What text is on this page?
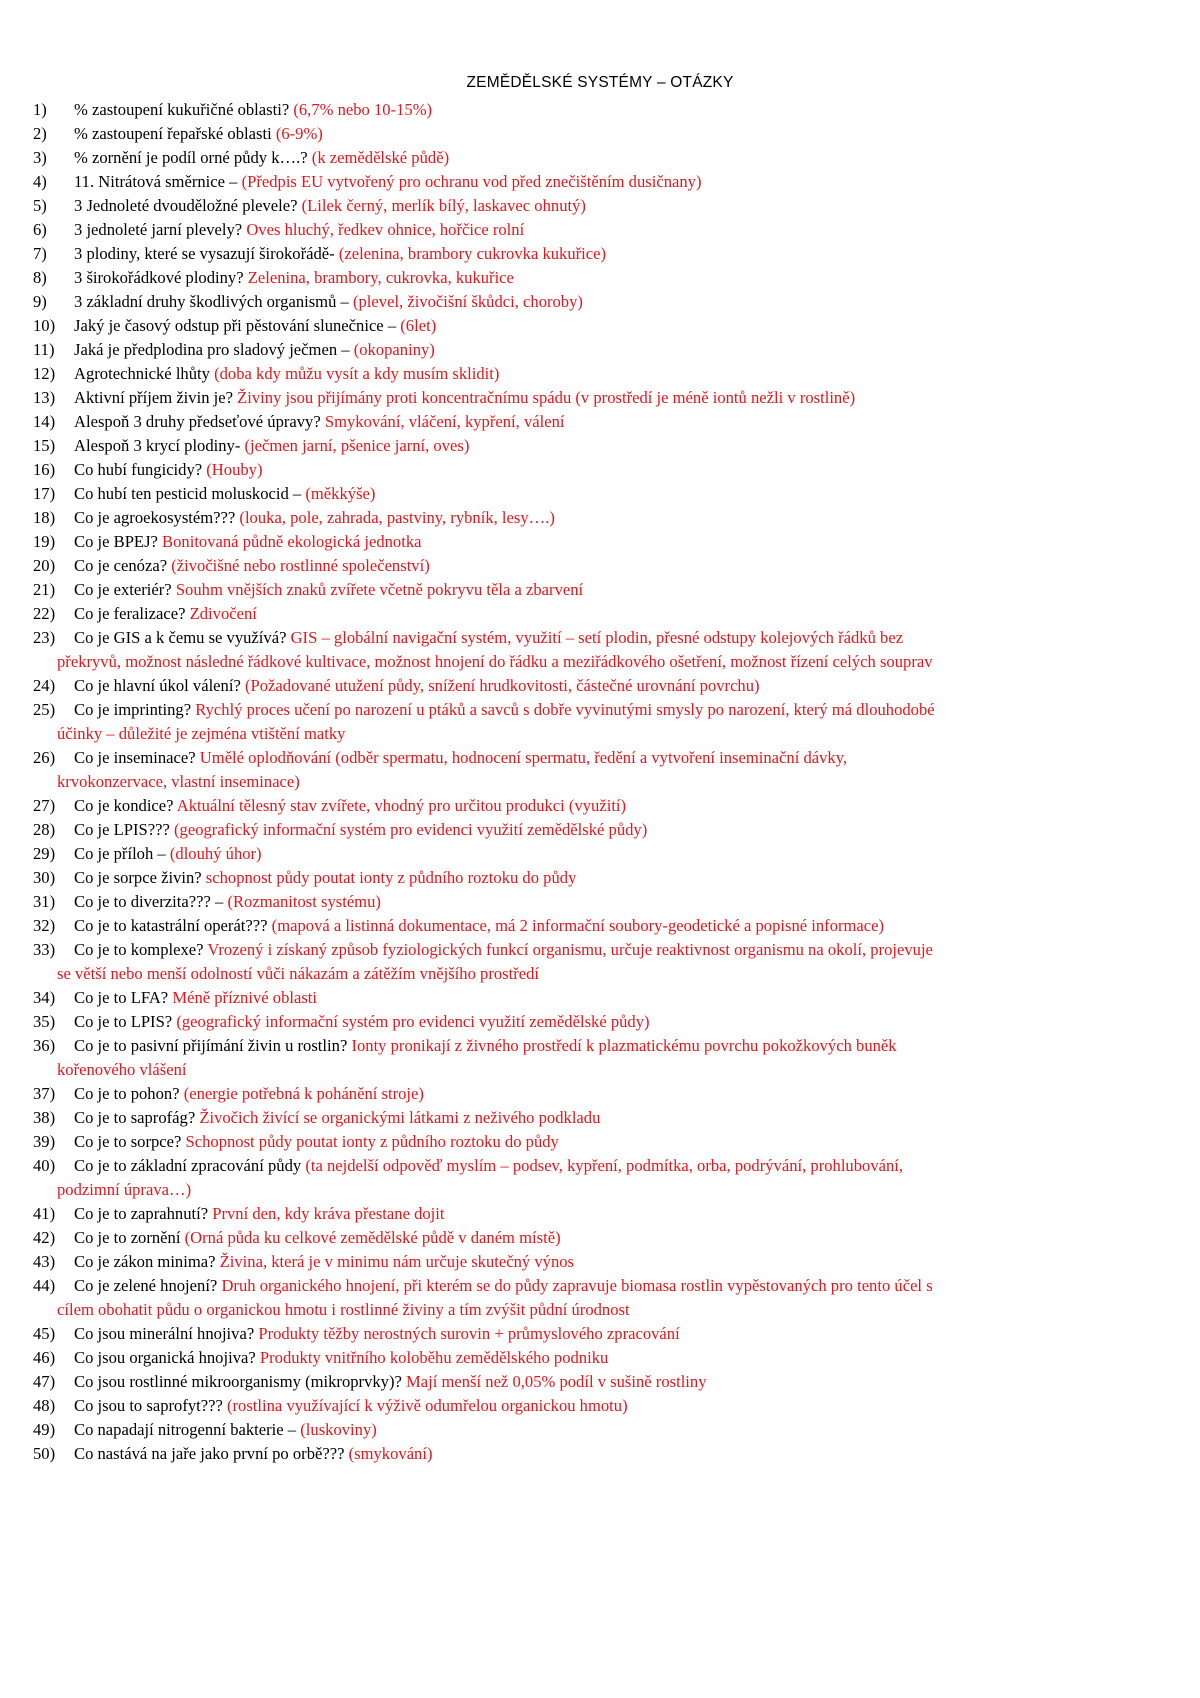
ZEMĚDĚLSKÉ SYSTÉMY – OTÁZKY
1)	% zastoupení kukuřičné oblasti? (6,7% nebo 10-15%)
2)	% zastoupení řepařské oblasti (6-9%)
3)	% zornění je podíl orné půdy k….? (k zemědělské půdě)
4)	11. Nitrátová směrnice – (Předpis EU vytvořený pro ochranu vod před znečištěním dusičnany)
5)	3 Jednoleté dvouděložné plevele? (Lilek černý, merlík bílý, laskavec ohnutý)
6)	3 jednoleté jarní plevely? Oves hluchý, ředkev ohnice, hořčice rolní
7)	3 plodiny, které se vysazují širokořádě- (zelenina, brambory cukrovka kukuřice)
8)	3 širokořádkové plodiny? Zelenina, brambory, cukrovka, kukuřice
9)	3 základní druhy škodlivých organismů – (plevel, živočišní škůdci, choroby)
10)	Jaký je časový odstup při pěstování slunečnice – (6let)
11)	Jaká je předplodina pro sladový ječmen – (okopaniny)
12)	Agrotechnické lhůty (doba kdy můžu vysít a kdy musím sklidit)
13)	Aktivní příjem živin je? Živiny jsou přijímány proti koncentračnímu spádu (v prostředí je méně iontů nežli v rostlině)
14)	Alespoň 3 druhy předseťové úpravy? Smykování, vláčení, kypření, válení
15)	Alespoň 3 krycí plodiny- (ječmen jarní, pšenice jarní, oves)
16)	Co hubí fungicidy? (Houby)
17)	Co hubí ten pesticid moluskocid – (měkkýše)
18)	Co je agroekosystém??? (louka, pole, zahrada, pastviny, rybník, lesy….)
19)	Co je BPEJ? Bonitovaná půdně ekologická jednotka
20)	Co je cenóza? (živočišné nebo rostlinné společenství)
21)	Co je exteriér? Souhm vnějších znaků zvířete včetně pokryvu těla a zbarvení
22)	Co je feralizace? Zdivočení
23)	Co je GIS a k čemu se využívá? GIS – globální navigační systém, využití – setí plodin, přesné odstupy kolejových řádků bez
překryvů, možnost následné řádkové kultivace, možnost hnojení do řádku a meziřádkového ošetření, možnost řízení celých souprav
24)	Co je hlavní úkol válení? (Požadované utužení půdy, snížení hrudkovitosti, částečné urovnání povrchu)
25)	Co je imprinting? Rychlý proces učení po narození u ptáků a savců s dobře vyvinutými smysly po narození, který má dlouhodobé
účinky – důležité je zejména vtištění matky
26)	Co je inseminace? Umělé oplodňování (odběr spermatu, hodnocení spermatu, ředění a vytvoření inseminační dávky,
krvokonzervace, vlastní inseminace)
27)	Co je kondice? Aktuální tělesný stav zvířete, vhodný pro určitou produkci (využití)
28)	Co je LPIS??? (geografický informační systém pro evidenci využití zemědělské půdy)
29)	Co je příloh – (dlouhý úhor)
30)	Co je sorpce živin? schopnost půdy poutat ionty z půdního roztoku do půdy
31)	Co je to diverzita??? – (Rozmanitost systému)
32)	Co je to katastrální operát??? (mapová a listinná dokumentace, má 2 informační soubory-geodetické a popisné informace)
33)	Co je to komplexe? Vrozený i získaný způsob fyziologických funkcí organismu, určuje reaktivnost organismu na okolí, projevuje
se větší nebo menší odolností vůči nákazám a zátěžím vnějšího prostředí
34)	Co je to LFA? Méně příznivé oblasti
35)	Co je to LPIS? (geografický informační systém pro evidenci využití zemědělské půdy)
36)	Co je to pasivní přijímání živin u rostlin? Ionty pronikají z živného prostředí k plazmatickému povrchu pokožkových buněk
kořenového vlášení
37)	Co je to pohon? (energie potřebná k pohánění stroje)
38)	Co je to saprofág? Živočich živící se organickými látkami z neživého podkladu
39)	Co je to sorpce? Schopnost půdy poutat ionty z půdního roztoku do půdy
40)	Co je to základní zpracování půdy (ta nejdelší odpověď myslím – podsev, kypření, podmítka, orba, podrývání, prohlubování,
podzimní úprava…)
41)	Co je to zaprahnutí? První den, kdy kráva přestane dojit
42)	Co je to zornění (Orná půda ku celkové zemědělské půdě v daném místě)
43)	Co je zákon minima? Živina, která je v minimu nám určuje skutečný výnos
44)	Co je zelené hnojení? Druh organického hnojení, při kterém se do půdy zapravuje biomasa rostlin vypěstovaných pro tento účel s
cílem obohatit půdu o organickou hmotu i rostlinné živiny a tím zvýšit půdní úrodnost
45)	Co jsou minerální hnojiva? Produkty těžby nerostných surovin + průmyslového zpracování
46)	Co jsou organická hnojiva? Produkty vnitřního koloběhu zemědělského podniku
47)	Co jsou rostlinné mikroorganismy (mikroprvky)? Mají menší než 0,05% podíl v sušině rostliny
48)	Co jsou to saprofyt??? (rostlina využívající k výživě odumřelou organickou hmotu)
49)	Co napadají nitrogenní bakterie – (luskoviny)
50)	Co nastává na jaře jako první po orbě??? (smykování)
